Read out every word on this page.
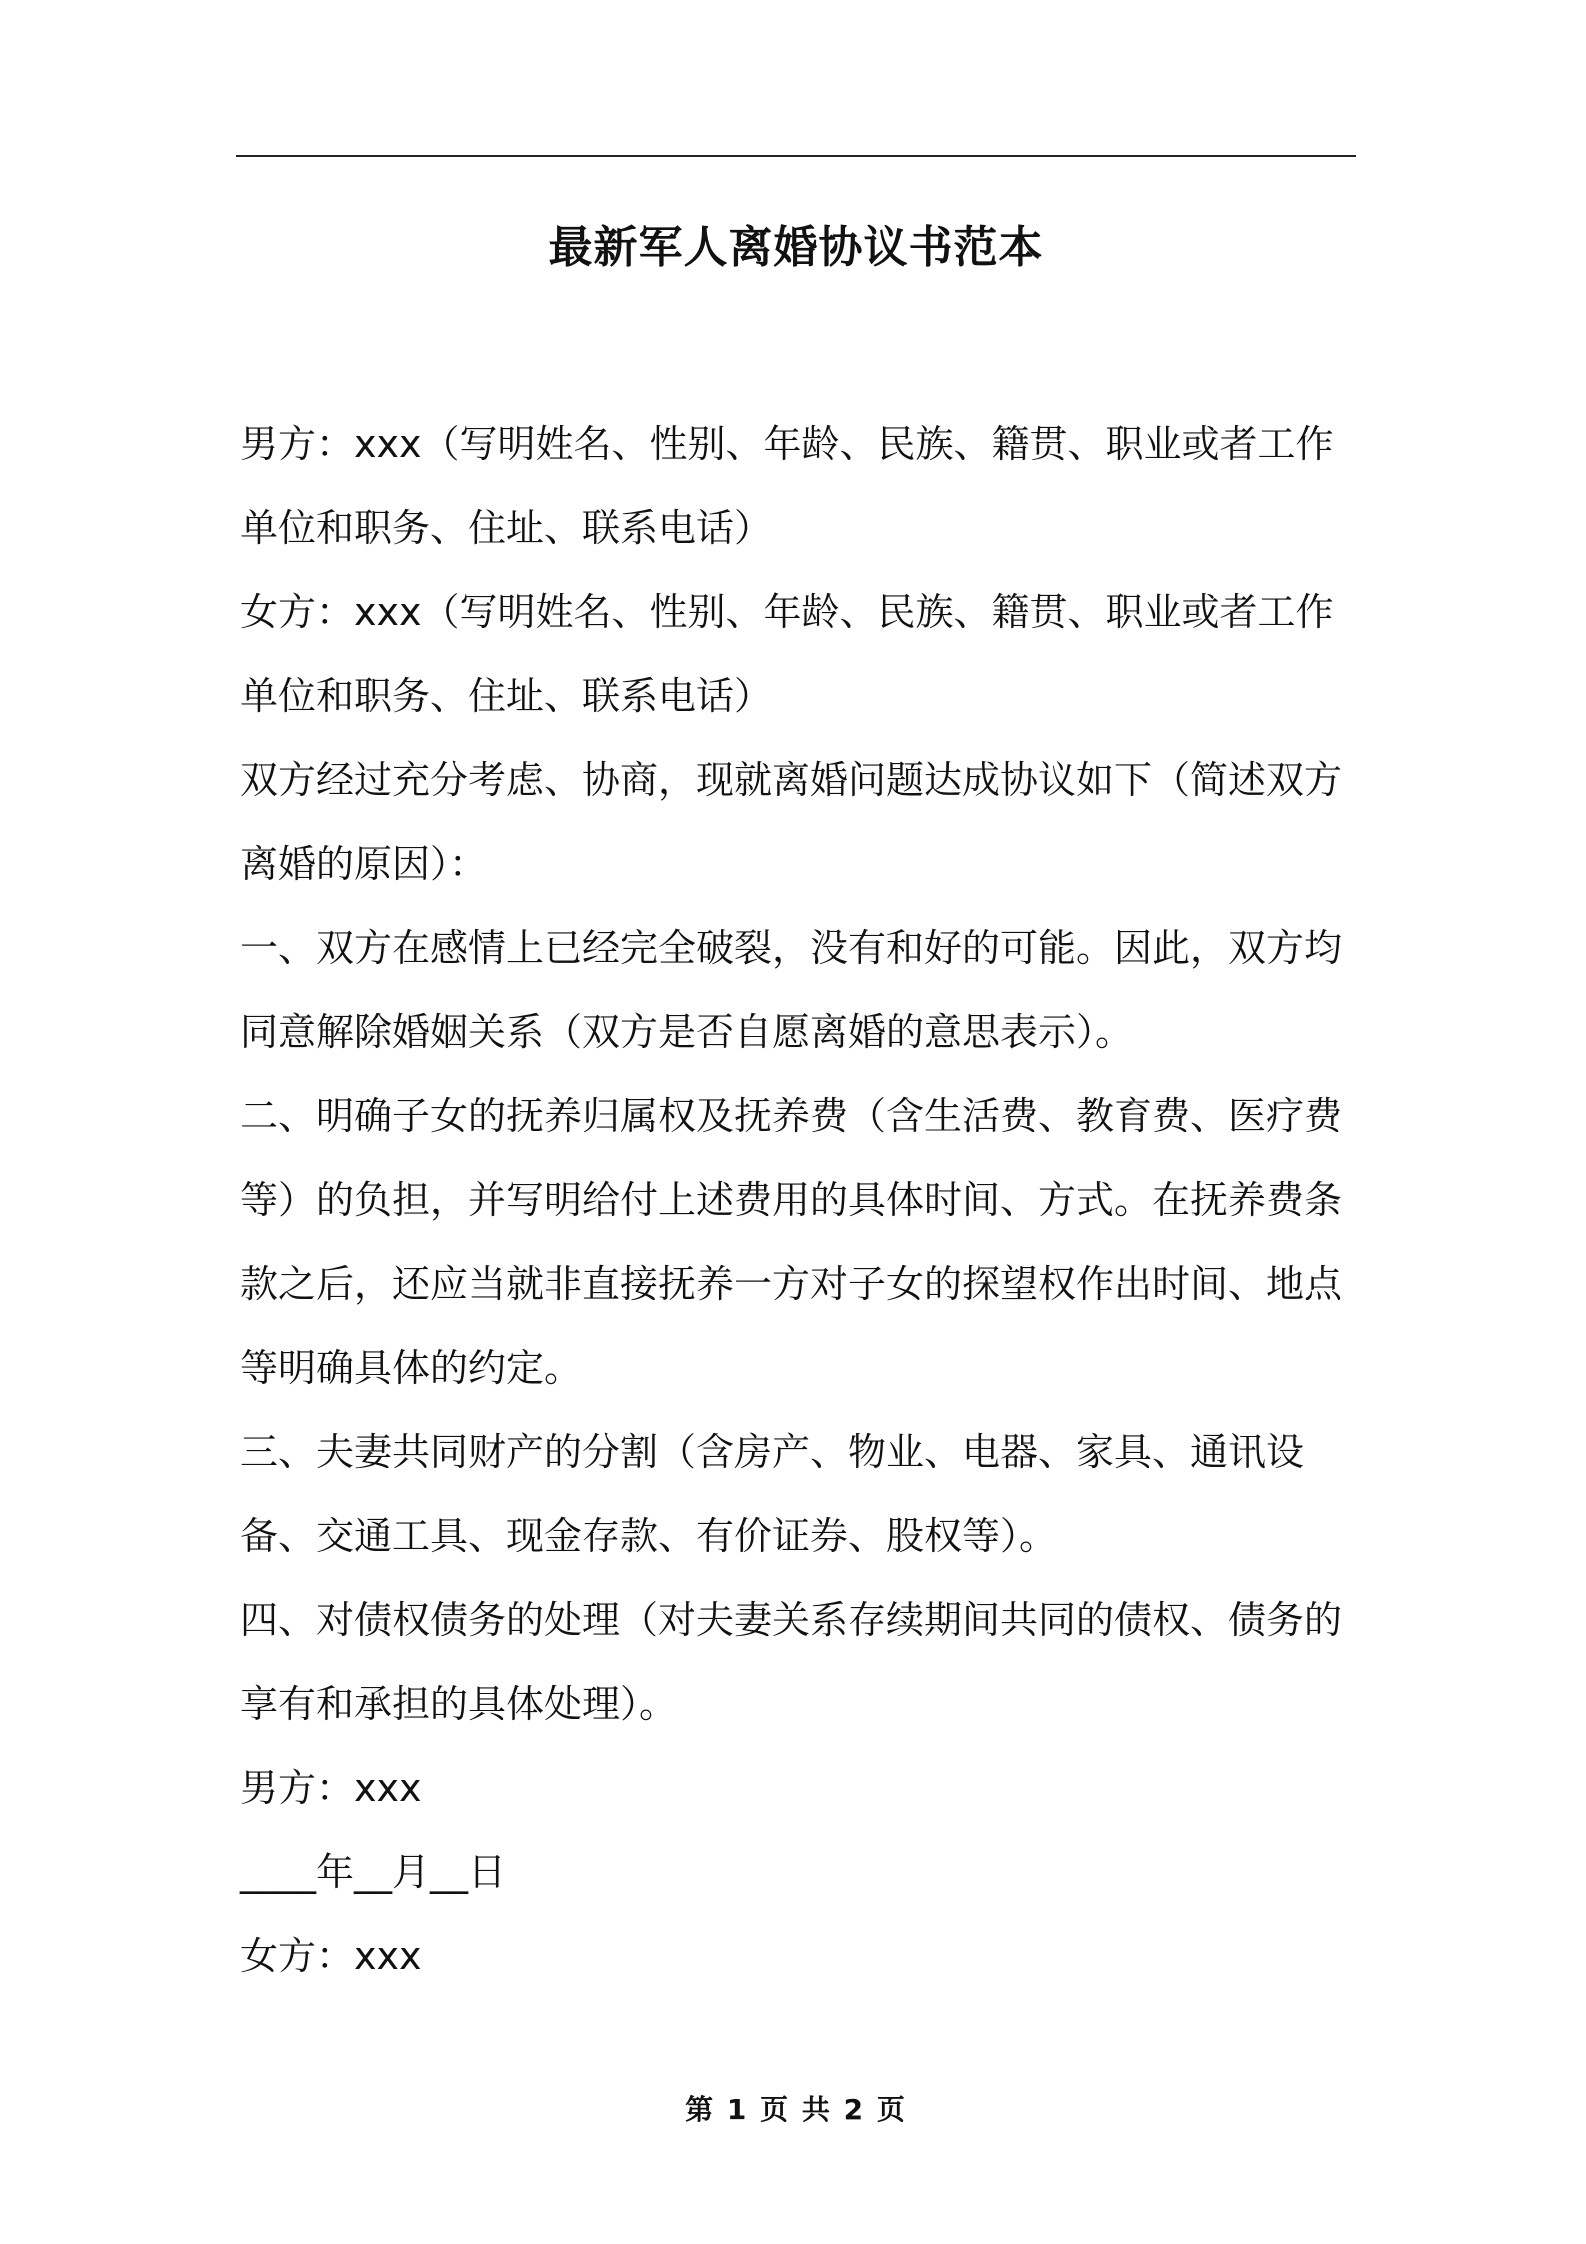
最新军人离婚协议书范本

男方：xxx（写明姓名、性别、年龄、民族、籍贯、职业或者工作单位和职务、住址、联系电话）

女方：xxx（写明姓名、性别、年龄、民族、籍贯、职业或者工作单位和职务、住址、联系电话）

双方经过充分考虑、协商，现就离婚问题达成协议如下（简述双方离婚的原因）：

一、双方在感情上已经完全破裂，没有和好的可能。因此，双方均同意解除婚姻关系（双方是否自愿离婚的意思表示）。

二、明确子女的抚养归属权及抚养费（含生活费、教育费、医疗费等）的负担，并写明给付上述费用的具体时间、方式。在抚养费条款之后，还应当就非直接抚养一方对子女的探望权作出时间、地点等明确具体的约定。

三、夫妻共同财产的分割（含房产、物业、电器、家具、通讯设备、交通工具、现金存款、有价证券、股权等）。

四、对债权债务的处理（对夫妻关系存续期间共同的债权、债务的享有和承担的具体处理）。

男方：xxx

____年__月__日

女方：xxx

第 1 页 共 2 页
